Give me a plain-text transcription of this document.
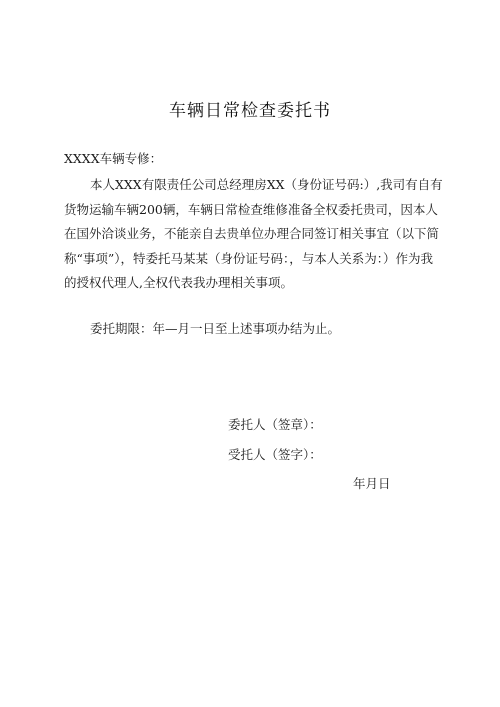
车辆日常检查委托书
XXXX车辆专修：

本人XXX有限责任公司总经理房XX（身份证号码:）,我司有自有货物运输车辆200辆，车辆日常检查维修准备全权委托贵司，因本人在国外洽谈业务，不能亲自去贵单位办理合同签订相关事宜（以下简称“事项”），特委托马某某（身份证号码：，与本人关系为：）作为我的授权代理人,全权代表我办理相关事项。

委托期限：年—月一日至上述事项办结为止。

委托人（签章）：
受托人（签字）：
年月日
